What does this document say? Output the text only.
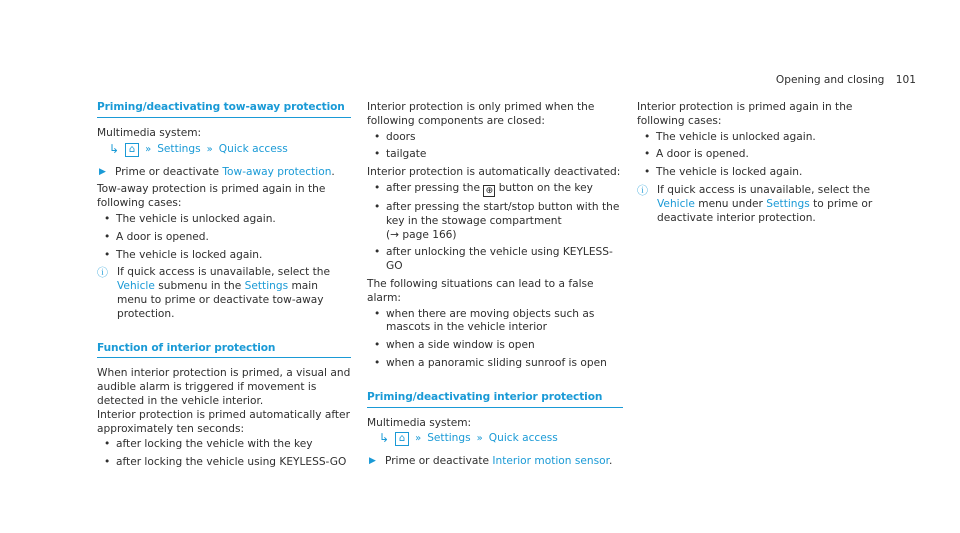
Opening and closing 101
Priming/deactivating tow-away protection
Multimedia system:
↳ ⌂ » Settings » Quick access
▶ Prime or deactivate Tow-away protection.
Tow-away protection is primed again in the following cases:
• The vehicle is unlocked again.
• A door is opened.
• The vehicle is locked again.
ⓘ If quick access is unavailable, select the Vehicle submenu in the Settings main menu to prime or deactivate tow-away protection.
Function of interior protection
When interior protection is primed, a visual and audible alarm is triggered if movement is detected in the vehicle interior.
Interior protection is primed automatically after approximately ten seconds:
• after locking the vehicle with the key
• after locking the vehicle using KEYLESS-GO
Interior protection is only primed when the following components are closed:
• doors
• tailgate
Interior protection is automatically deactivated:
• after pressing the ⊕ button on the key
• after pressing the start/stop button with the key in the stowage compartment
(→ page 166)
• after unlocking the vehicle using KEYLESS-GO
The following situations can lead to a false alarm:
• when there are moving objects such as mascots in the vehicle interior
• when a side window is open
• when a panoramic sliding sunroof is open
Priming/deactivating interior protection
Multimedia system:
↳ ⌂ » Settings » Quick access
▶ Prime or deactivate Interior motion sensor.
Interior protection is primed again in the following cases:
• The vehicle is unlocked again.
• A door is opened.
• The vehicle is locked again.
ⓘ If quick access is unavailable, select the Vehicle menu under Settings to prime or deactivate interior protection.
